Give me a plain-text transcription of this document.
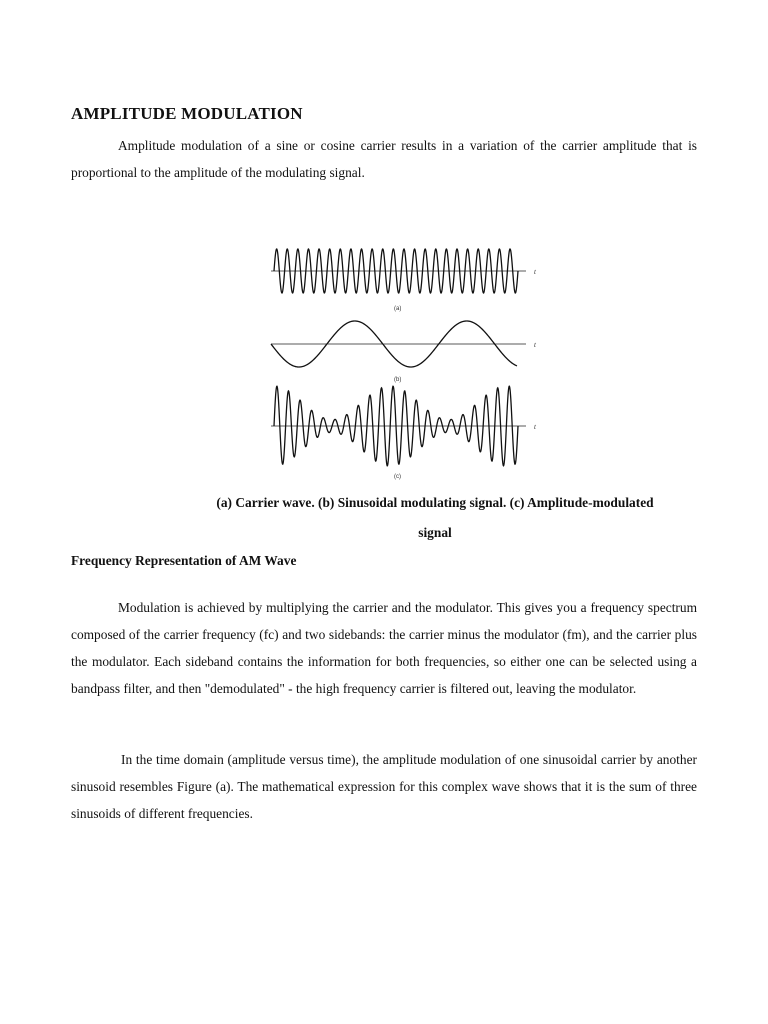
AMPLITUDE MODULATION

Amplitude modulation of a sine or cosine carrier results in a variation of the carrier amplitude that is proportional to the amplitude of the modulating signal.

t
(a)
t
(b)
t
(c)

(a) Carrier wave. (b) Sinusoidal modulating signal. (c) Amplitude-modulated
signal

Frequency Representation of AM Wave

Modulation is achieved by multiplying the carrier and the modulator. This gives you a frequency spectrum composed of the carrier frequency (fc) and two sidebands: the carrier minus the modulator (fm), and the carrier plus the modulator. Each sideband contains the information for both frequencies, so either one can be selected using a bandpass filter, and then "demodulated" - the high frequency carrier is filtered out, leaving the modulator.

In the time domain (amplitude versus time), the amplitude modulation of one sinusoidal carrier by another sinusoid resembles Figure (a). The mathematical expression for this complex wave shows that it is the sum of three sinusoids of different frequencies.
